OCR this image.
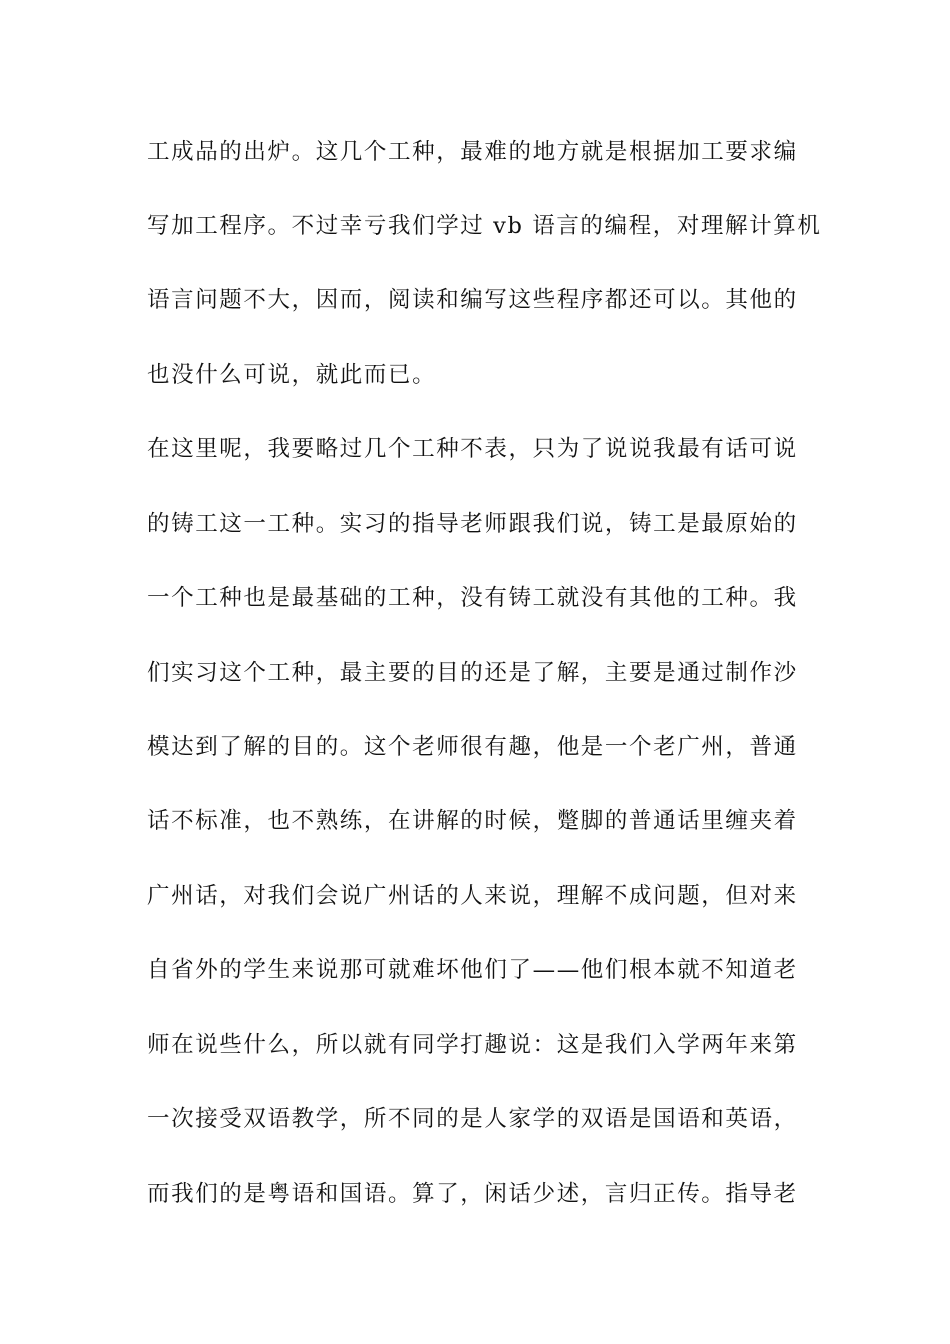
工成品的出炉。这几个工种，最难的地方就是根据加工要求编
写加工程序。不过幸亏我们学过 vb 语言的编程，对理解计算机
语言问题不大，因而，阅读和编写这些程序都还可以。其他的
也没什么可说，就此而已。
在这里呢，我要略过几个工种不表，只为了说说我最有话可说
的铸工这一工种。实习的指导老师跟我们说，铸工是最原始的
一个工种也是最基础的工种，没有铸工就没有其他的工种。我
们实习这个工种，最主要的目的还是了解，主要是通过制作沙
模达到了解的目的。这个老师很有趣，他是一个老广州，普通
话不标准，也不熟练，在讲解的时候，蹩脚的普通话里缠夹着
广州话，对我们会说广州话的人来说，理解不成问题，但对来
自省外的学生来说那可就难坏他们了——他们根本就不知道老
师在说些什么，所以就有同学打趣说：这是我们入学两年来第
一次接受双语教学，所不同的是人家学的双语是国语和英语，
而我们的是粤语和国语。算了，闲话少述，言归正传。指导老
